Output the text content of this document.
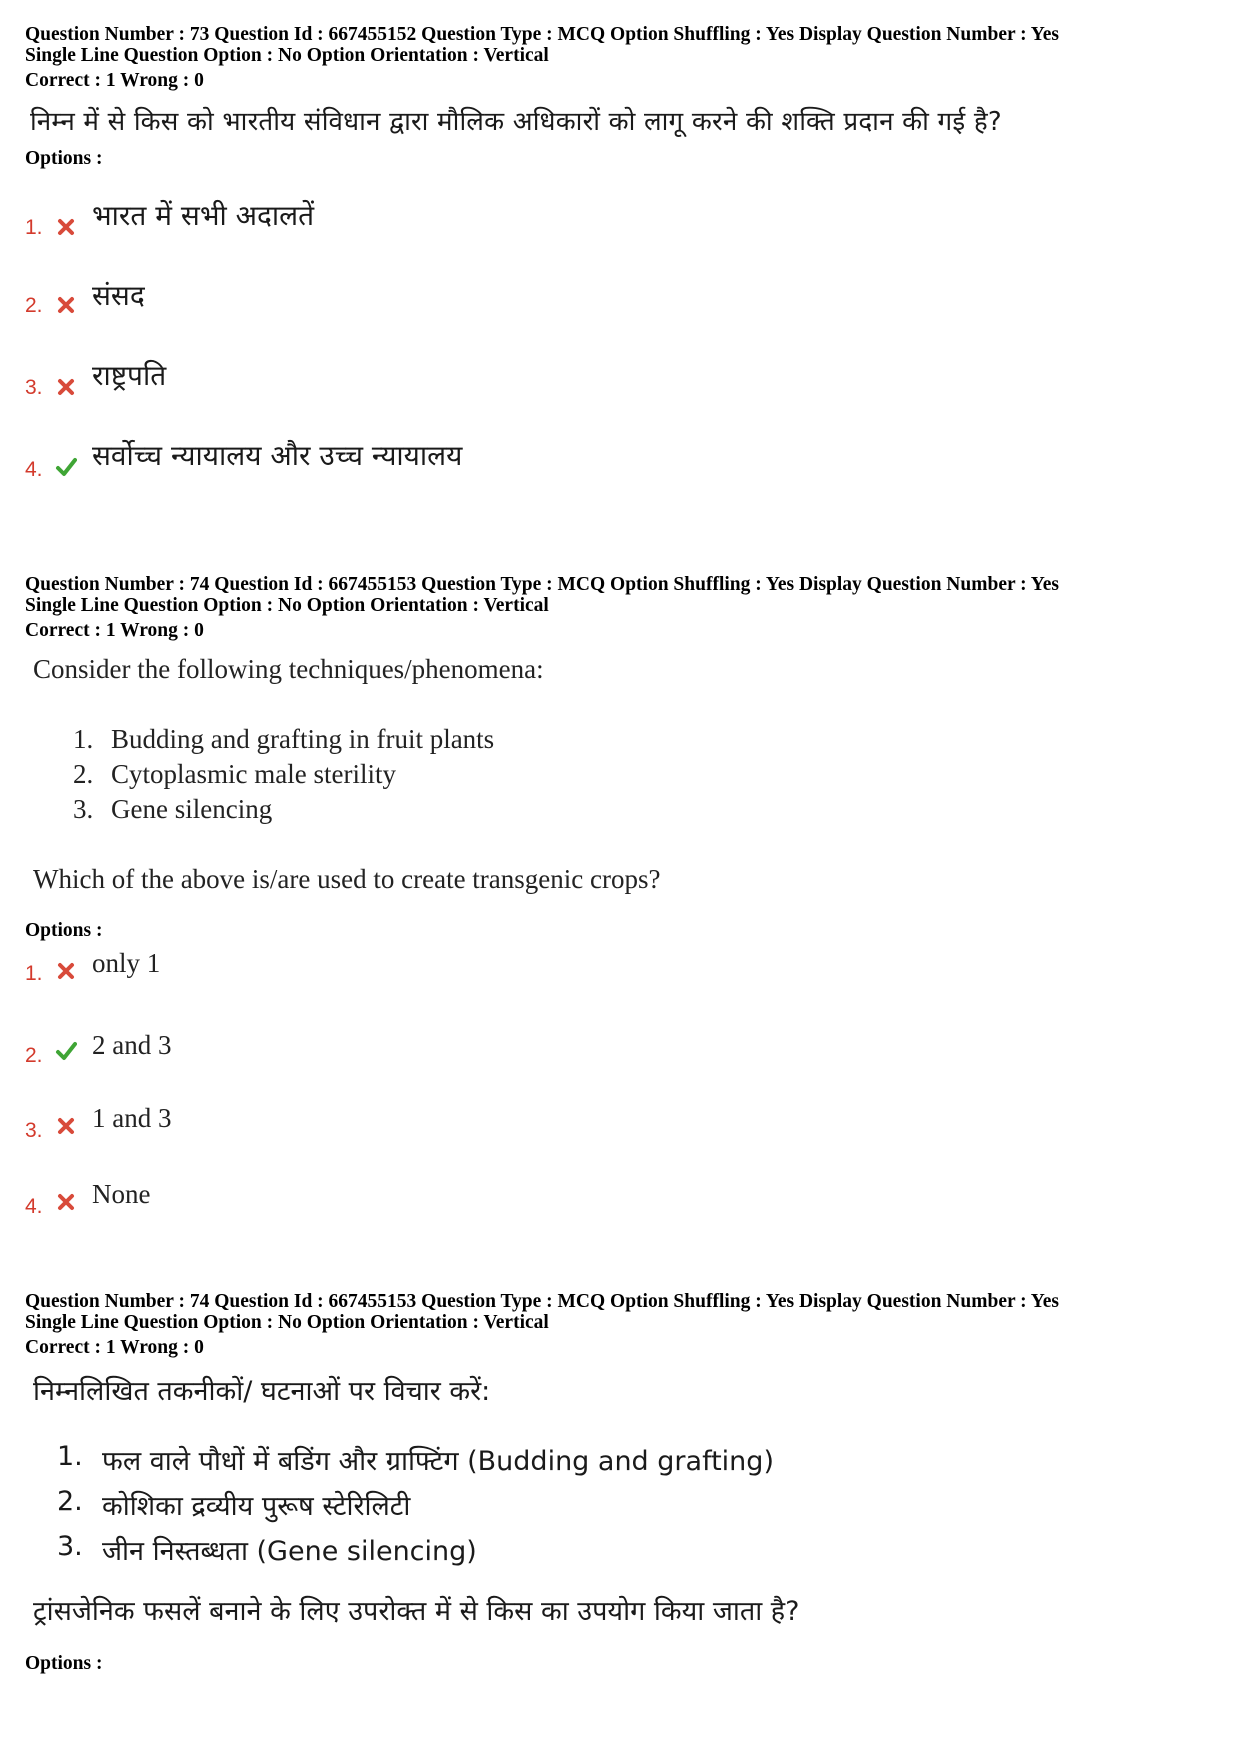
Question Number : 73 Question Id : 667455152 Question Type : MCQ Option Shuffling : Yes Display Question Number : Yes
Single Line Question Option : No Option Orientation : Vertical
Correct : 1 Wrong : 0
निम्न में से किस को भारतीय संविधान द्वारा मौलिक अधिकारों को लागू करने की शक्ति प्रदान की गई है?
Options :
1. भारत में सभी अदालतें
2. संसद
3. राष्ट्रपति
4. सर्वोच्च न्यायालय और उच्च न्यायालय
Question Number : 74 Question Id : 667455153 Question Type : MCQ Option Shuffling : Yes Display Question Number : Yes
Single Line Question Option : No Option Orientation : Vertical
Correct : 1 Wrong : 0
Consider the following techniques/phenomena:
1. Budding and grafting in fruit plants
2. Cytoplasmic male sterility
3. Gene silencing
Which of the above is/are used to create transgenic crops?
Options :
1. only 1
2. 2 and 3
3. 1 and 3
4. None
Question Number : 74 Question Id : 667455153 Question Type : MCQ Option Shuffling : Yes Display Question Number : Yes
Single Line Question Option : No Option Orientation : Vertical
Correct : 1 Wrong : 0
निम्नलिखित तकनीकों/ घटनाओं पर विचार करें:
1. फल वाले पौधों में बडिंग और ग्राफ्टिंग (Budding and grafting)
2. कोशिका द्रव्यीय पुरूष स्टेरिलिटी
3. जीन निस्तब्धता (Gene silencing)
ट्रांसजेनिक फसलें बनाने के लिए उपरोक्त में से किस का उपयोग किया जाता है?
Options :
